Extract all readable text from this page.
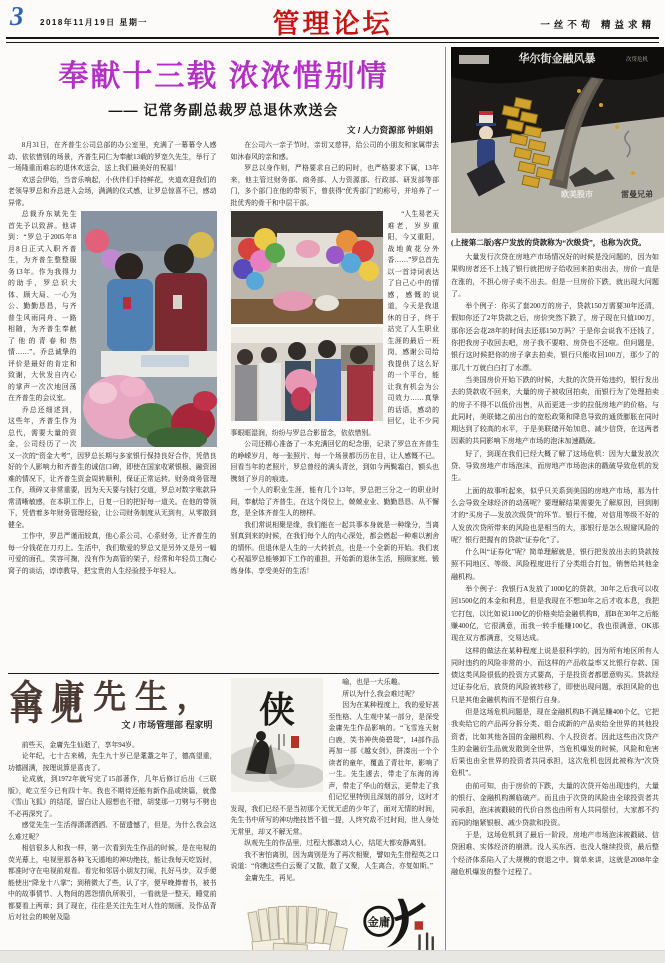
3 2018年11月19日 星期一	管理论坛	一丝不苟 精益求精
奉献十三载 浓浓惜别情
—— 记常务副总裁罗总退休欢送会
文 / 人力资源部 钟娟娟

8月31日，在齐普生公司总部的办公室里，充满了一幕幕令人感动、依依惜别的场景，齐普生同仁为奉献13载的罗宽久先生，举行了一场隆重而难忘的退休欢送会，送上我们最美好的祝福！

欢送会伊始，当音乐响起，小伙伴们手持鲜花，夹道欢迎我们的老领导罗总和乔总进入会场，满满的仪式感，让罗总惊喜不已，感动异常。

总裁乔东斌先生首先予以致辞。他讲到：“罗总于2005年8月8日正式入职齐普生，为齐普生整整服务13年。作为我得力的助手，罗总识大体、顾大局、一心为公、勤勤恳恳，与齐普生风雨同舟、一路相随，为齐普生奉献了他的青春和热情……”。乔总诚挚的评价是最好的肯定和致谢，大伙发自内心的掌声一次次地回荡在齐普生的会议室。

乔总还细述到，这些年，齐普生作为总代，需要大量的资金，公司经历了一次又一次的“资金大考”，因罗总长期与多家银行保持良好合作，凭借良好的个人影响力和齐普生的诚信口碑，即使在国家收紧银根、融资困难的情况下，让齐普生资金周转顺利，保证正常运转。财务商务管理工作，琐碎又非常重要，因为天天要与钱打交道，罗总对数字账款异常清晰敏感，在本职工作上，日复一日的把好每一道关。在他的带领下，凭借着多年财务管理经验，让公司财务制度从无到有，从零散到健全。

工作中，罗总严谨而较真，他心系公司、心系财务，让齐普生的每一分钱花在刀刃上。生活中，我们敬爱的罗总又是另外又是另一幅可爱的面孔，笑容可掬，没有作为高管的架子，经常和年轻员工掏心窝子的谈话，谆谆教导，把宝贵的人生经验授予年轻人。

在公司六一亲子节时，亲切又慈祥，给公司的小朋友和家属带去如沐春风的亲和感。

罗总以身作则，严格要求自己的同时，也严格要求下属，13年来，他主管过财务部、商务部、人力资源部、行政部、研发部等部门，多个部门在他的带领下，曾获得“优秀部门”的称号，并培养了一批优秀的骨干和中层干部。

“人生易老天难老，岁岁重阳，今又重阳，战地黄花分外香……”罗总首先以一首诗词表达了自己心中的情感，感慨的说道，今天是我退休的日子，终于站完了人生职业生涯的最后一班岗，感谢公司给我提供了这么好的一个平台，能让我有机会为公司效力……真挚的话语，感动的回忆，让不少同事眼眶湿润，纷纷与罗总合影留念，依依惜别。

公司还精心准备了一本充满回忆的纪念册，记录了罗总在齐普生的峥嵘岁月，每一张照片、每一个场景都历历在目，让人感慨不已。回看当年的老照片，罗总曾经的满头青丝，到如今两鬓霜白，额头也镌刻了岁月的痕迹。

一个人的职业生涯，能有几个13年，罗总把三分之一的职业时间，奉献给了齐普生，在这个岗位上，兢兢业业、勤勤恳恳、从不懈怠，是全体齐普生人的榜样。

我们常说相聚是缘，我们能在一起共事本身就是一种缘分，当离别真到来的时候，在我们每个人的内心深处，都会燃起一种难以割舍的情怀。但退休是人生的一大转折点，也是一个全新的开始。我们衷心祝福罗总能够卸下工作的重担，开始新的退休生活，照顾家庭、锻炼身体、享受美好的生活！

金庸先生，再见	文 / 市场管理部 程家明

前些天，金庸先生仙逝了，享年94岁。

论年纪，七十古来稀，先生九十岁已是耄耋之年了，德高望重，功德圆满，按理说算是喜丧了。

论成就，到1972年就写完了15部著作，几年后修订后出《三联版》，屹立至今已有四十年。我也不期待还能有新作品或续篇，就像《雪山飞狐》的结尾，留白让人遐想也不错，胡斐那一刀劈与不劈也不必再深究了。

感觉先生一生活得潇潇洒洒、不留遗憾了，但是，为什么我会这么难过呢？

相信很多人和我一样，第一次看到先生作品的时候，是在电视的荧光幕上，电视里那各种飞天遁地的神功绝技，能让我每天吃饭时，都准时守在电视前观看。看完和邻居小朋友打闹，扎好马步，双手便能使出“降龙十八掌”；到稍微大了些，认了字，便早晚捧着书，被书中的故事情节、人物间的恩怨情仇所吸引，一看就是一整天，睡觉前都要看上两章；到了现在，往往是关注先生对人性的刻画，及作品背后对社会的映射及隐

侠

喻，也是一大乐趣。

所以为什么我会难过呢？

因为在某种程度上，我的爱好甚至性格、人生观中某一部分，是深受金庸先生作品影响的。“飞雪连天射白鹿，笑书神侠倚碧鸳”，14部作品再加一部《越女剑》，拼凑出一个个读者的童年，覆盖了青壮年，影响了一生。先生遽去，带走了东海的涛声，带走了华山的烟云，更带走了我们记忆里特别且深刻的部分，这时才发现，我们已经不是当初那个无忧无虑的少年了，面对无情的时间，先生书中所写的神功绝技皆不值一提，人终究敌不过时间，世人身处无常里，却又不解无常。

纵观先生的作品里，过程大都激动人心，结尾大都安静离别。

我不害怕离别，因为离别是为了再次相聚，譬如先生借程英之口说道：“你瞧这些白云聚了又散，散了又聚，人生离合，亦复如斯。”

金庸先生，再见。

金庸
华尔街金融风暴	次贷危机
欧美股市	雷曼兄弟

(上接第二版)客户发放的贷款称为“次级贷”，也称为次贷。

大量发行次贷在房地产市场情况好的时候是没问题的，因为如果购房者还不上钱了银行就把房子给收回来拍卖出去，房价一直是在涨的，不担心房子卖不出去。但是一旦房价下跌，就出现大问题了。

举个例子：你买了套200万的房子，贷款150万需要30年还清，假如你还了2年贷款之后，房价突然下跌了，房子现在只值100万，那你还会花28年的时间去还那150万吗？于是你会说我不还钱了，你把我房子收回去吧，房子我不要啦、房贷也不还啦。但问题是，银行这时候把你的房子拿去拍卖，银行只能收回100万，那少了的那几十万就白白打了水漂。

当美国房价开始下跌的时候，大批的次贷开始违约，银行发出去的贷款收不回来，大量的房子被收回拍卖，而银行为了处理拍卖的房子不得不以低价出售，从而更进一步的拉低房地产的价格。与此同时，美联储之前出台的宽松政策和降息导致的通货膨胀在同时期达到了较高的水平，于是美联储开始加息、减少信贷，在这两者因素的共同影响下房地产市场的泡沫加速戳破。

好了，到现在我们已经大概了解了这场危机：因为大量发放次贷、导致房地产市场泡沫，而房地产市场泡沫的戳破导致危机的发生。

上面的故事听起来，似乎只关系到美国的房地产市场，那为什么会导致全球经济的动荡呢？要理解结果需要先了解原因，回到刚才的“买房子—发放次级贷”的环节。银行不傻，对信用等级不好的人发放次贷所带来的风险也是相当的大，那银行是怎么规避风险的呢？银行把握有的贷款“证券化”了。

什么叫“证券化”呢？简单理解就是，银行把发放出去的贷款按照不同地区、等级、风险程度进行了分类组合打包，销售给其他金融机构。

举个例子：我银行A发放了1000亿的贷款，30年之后我可以收回1500亿的本金和利息，但是我现在不想30年之后才收本息，我把它打包，以比如说1100亿的价格卖给金融机构B，那B在30年之后能赚400亿，它很满意，而我一转手能赚100亿，我也很满意，OK那现在双方都满意，交易达成。

这样的做法在某种程度上说是很科学的，因为所有地区所有人同时违约的风险非常的小，而这样的产品收益率又比银行存款、国债这类风险很低的投资方式要高，于是投资者都愿意购买。贷款经过证券化后，放贷的风险被转移了，即使出现问题，承担风险的也只是其他金融机构而不是银行自身。

但是这场危机问题是，现在金融机构B不满足赚400个亿，它把我卖给它的产品再分拆分类、组合成新的产品卖给全世界的其他投资者，比如其他各国的金融机构、个人投资者。因此这些由次贷产生的金融衍生品就发散到全世界，当危机爆发的时候，风险和危害后果也由全世界的投资者共同承担，这次危机也因此被称为“次贷危机”。

由前可知，由于房价的下跌，大量的次贷开始出现违约，大量的银行、金融机构濒临破产。而且由于次贷的风险由全球投资者共同承担，泡沫被戳破的代价自然也由所有人共同偿付，大家都不约而同的缩紧银根、减少贷款和投资。

于是，这场危机到了最后一阶段，房地产市场泡沫被戳破、信贷困难、实体经济的崩溃。没人买东西、也没人继续投资，最后整个经济体系陷入了大规模的衰退之中。简单来讲，这就是2008年金融危机爆发的整个过程了。
